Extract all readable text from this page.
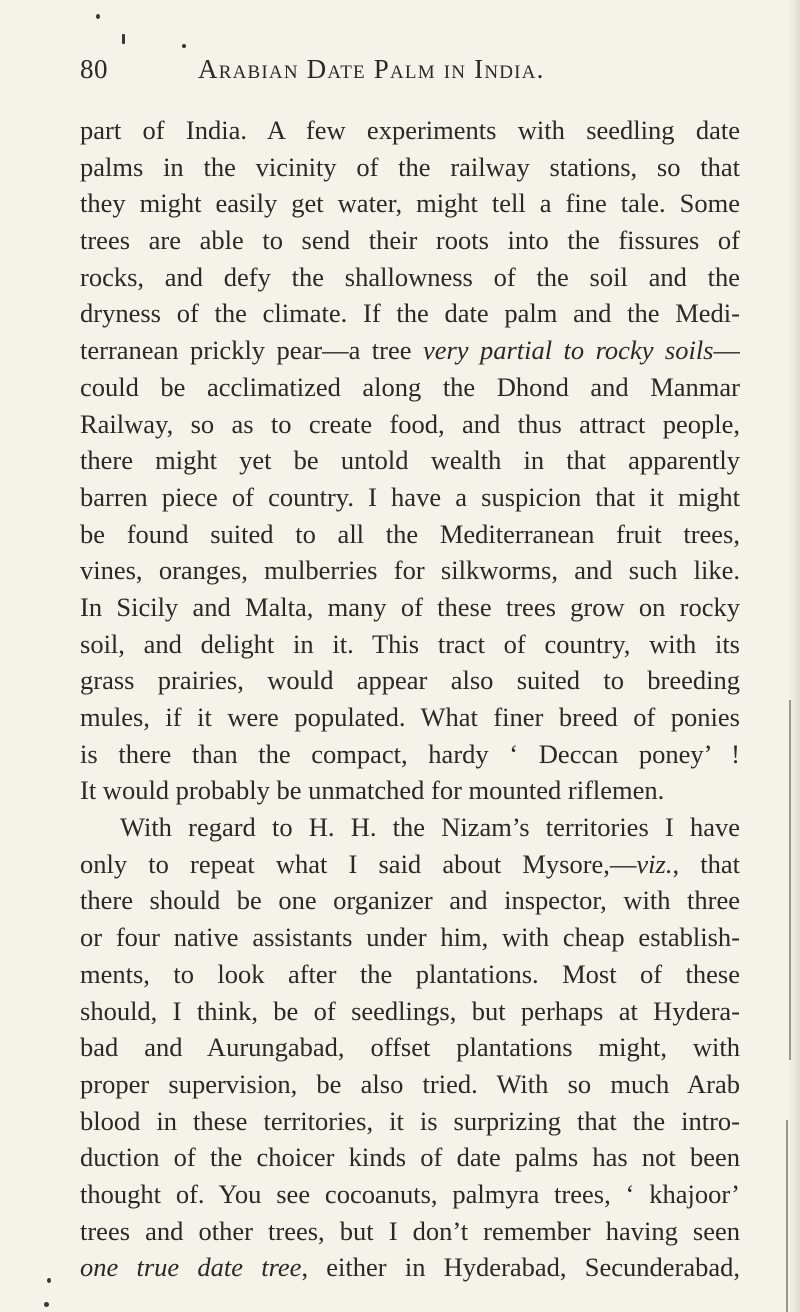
80	Arabian Date Palm in India.
part of India. A few experiments with seedling date
palms in the vicinity of the railway stations, so that
they might easily get water, might tell a fine tale. Some
trees are able to send their roots into the fissures of
rocks, and defy the shallowness of the soil and the
dryness of the climate. If the date palm and the Medi-
terranean prickly pear—a tree very partial to rocky soils—
could be acclimatized along the Dhond and Manmar
Railway, so as to create food, and thus attract people,
there might yet be untold wealth in that apparently
barren piece of country. I have a suspicion that it might
be found suited to all the Mediterranean fruit trees,
vines, oranges, mulberries for silkworms, and such like.
In Sicily and Malta, many of these trees grow on rocky
soil, and delight in it. This tract of country, with its
grass prairies, would appear also suited to breeding
mules, if it were populated. What finer breed of ponies
is there than the compact, hardy ‘ Deccan poney’ !
It would probably be unmatched for mounted riflemen.
With regard to H. H. the Nizam’s territories I have
only to repeat what I said about Mysore,—viz., that
there should be one organizer and inspector, with three
or four native assistants under him, with cheap establish-
ments, to look after the plantations. Most of these
should, I think, be of seedlings, but perhaps at Hydera-
bad and Aurungabad, offset plantations might, with
proper supervision, be also tried. With so much Arab
blood in these territories, it is surprizing that the intro-
duction of the choicer kinds of date palms has not been
thought of. You see cocoanuts, palmyra trees, ‘ khajoor’
trees and other trees, but I don’t remember having seen
one true date tree, either in Hyderabad, Secunderabad,
